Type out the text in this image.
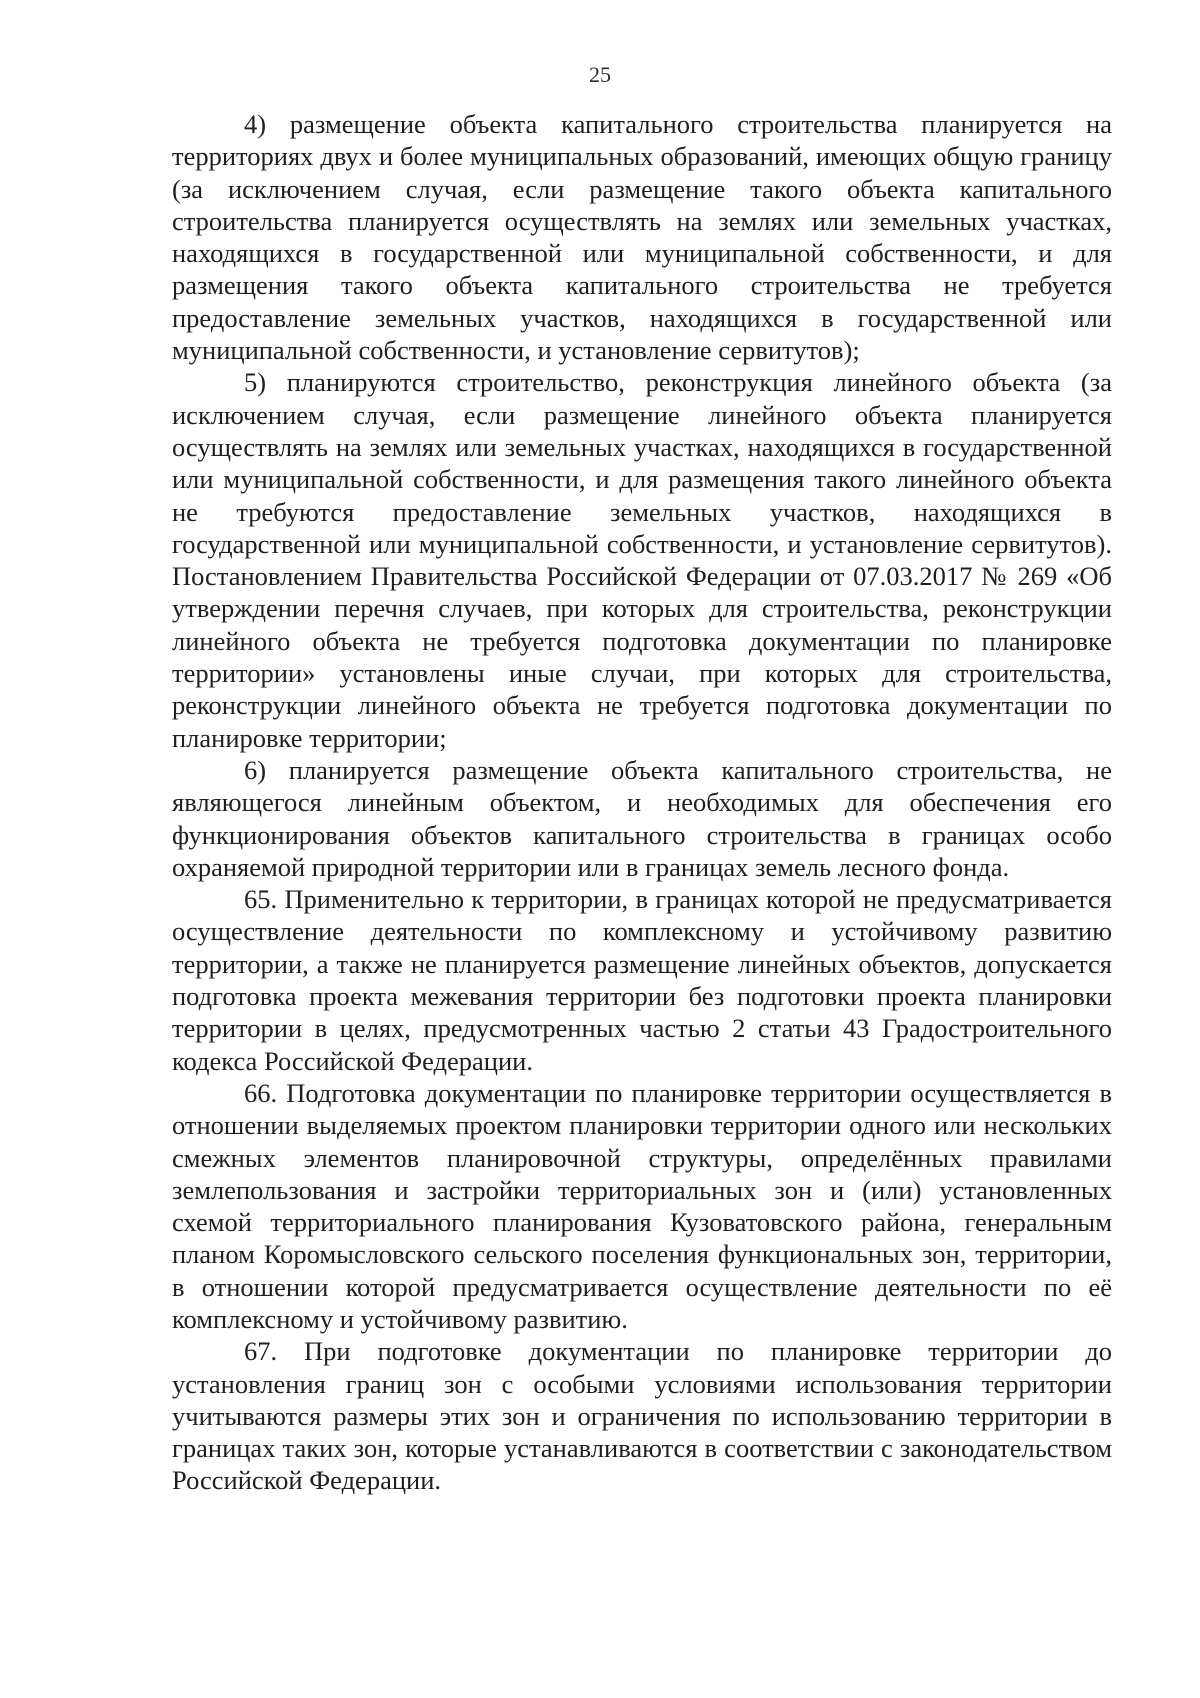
25

4) размещение объекта капитального строительства планируется на территориях двух и более муниципальных образований, имеющих общую границу (за исключением случая, если размещение такого объекта капитального строительства планируется осуществлять на землях или земельных участках, находящихся в государственной или муниципальной собственности, и для размещения такого объекта капитального строительства не требуется предоставление земельных участков, находящихся в государственной или муниципальной собственности, и установление сервитутов);

5) планируются строительство, реконструкция линейного объекта (за исключением случая, если размещение линейного объекта планируется осуществлять на землях или земельных участках, находящихся в государственной или муниципальной собственности, и для размещения такого линейного объекта не требуются предоставление земельных участков, находящихся в государственной или муниципальной собственности, и установление сервитутов). Постановлением Правительства Российской Федерации от 07.03.2017 № 269 «Об утверждении перечня случаев, при которых для строительства, реконструкции линейного объекта не требуется подготовка документации по планировке территории» установлены иные случаи, при которых для строительства, реконструкции линейного объекта не требуется подготовка документации по планировке территории;

6) планируется размещение объекта капитального строительства, не являющегося линейным объектом, и необходимых для обеспечения его функционирования объектов капитального строительства в границах особо охраняемой природной территории или в границах земель лесного фонда.

65. Применительно к территории, в границах которой не предусматривается осуществление деятельности по комплексному и устойчивому развитию территории, а также не планируется размещение линейных объектов, допускается подготовка проекта межевания территории без подготовки проекта планировки территории в целях, предусмотренных частью 2 статьи 43 Градостроительного кодекса Российской Федерации.

66. Подготовка документации по планировке территории осуществляется в отношении выделяемых проектом планировки территории одного или нескольких смежных элементов планировочной структуры, определённых правилами землепользования и застройки территориальных зон и (или) установленных схемой территориального планирования Кузоватовского района, генеральным планом Коромысловского сельского поселения функциональных зон, территории, в отношении которой предусматривается осуществление деятельности по её комплексному и устойчивому развитию.

67. При подготовке документации по планировке территории до установления границ зон с особыми условиями использования территории учитываются размеры этих зон и ограничения по использованию территории в границах таких зон, которые устанавливаются в соответствии с законодательством Российской Федерации.
